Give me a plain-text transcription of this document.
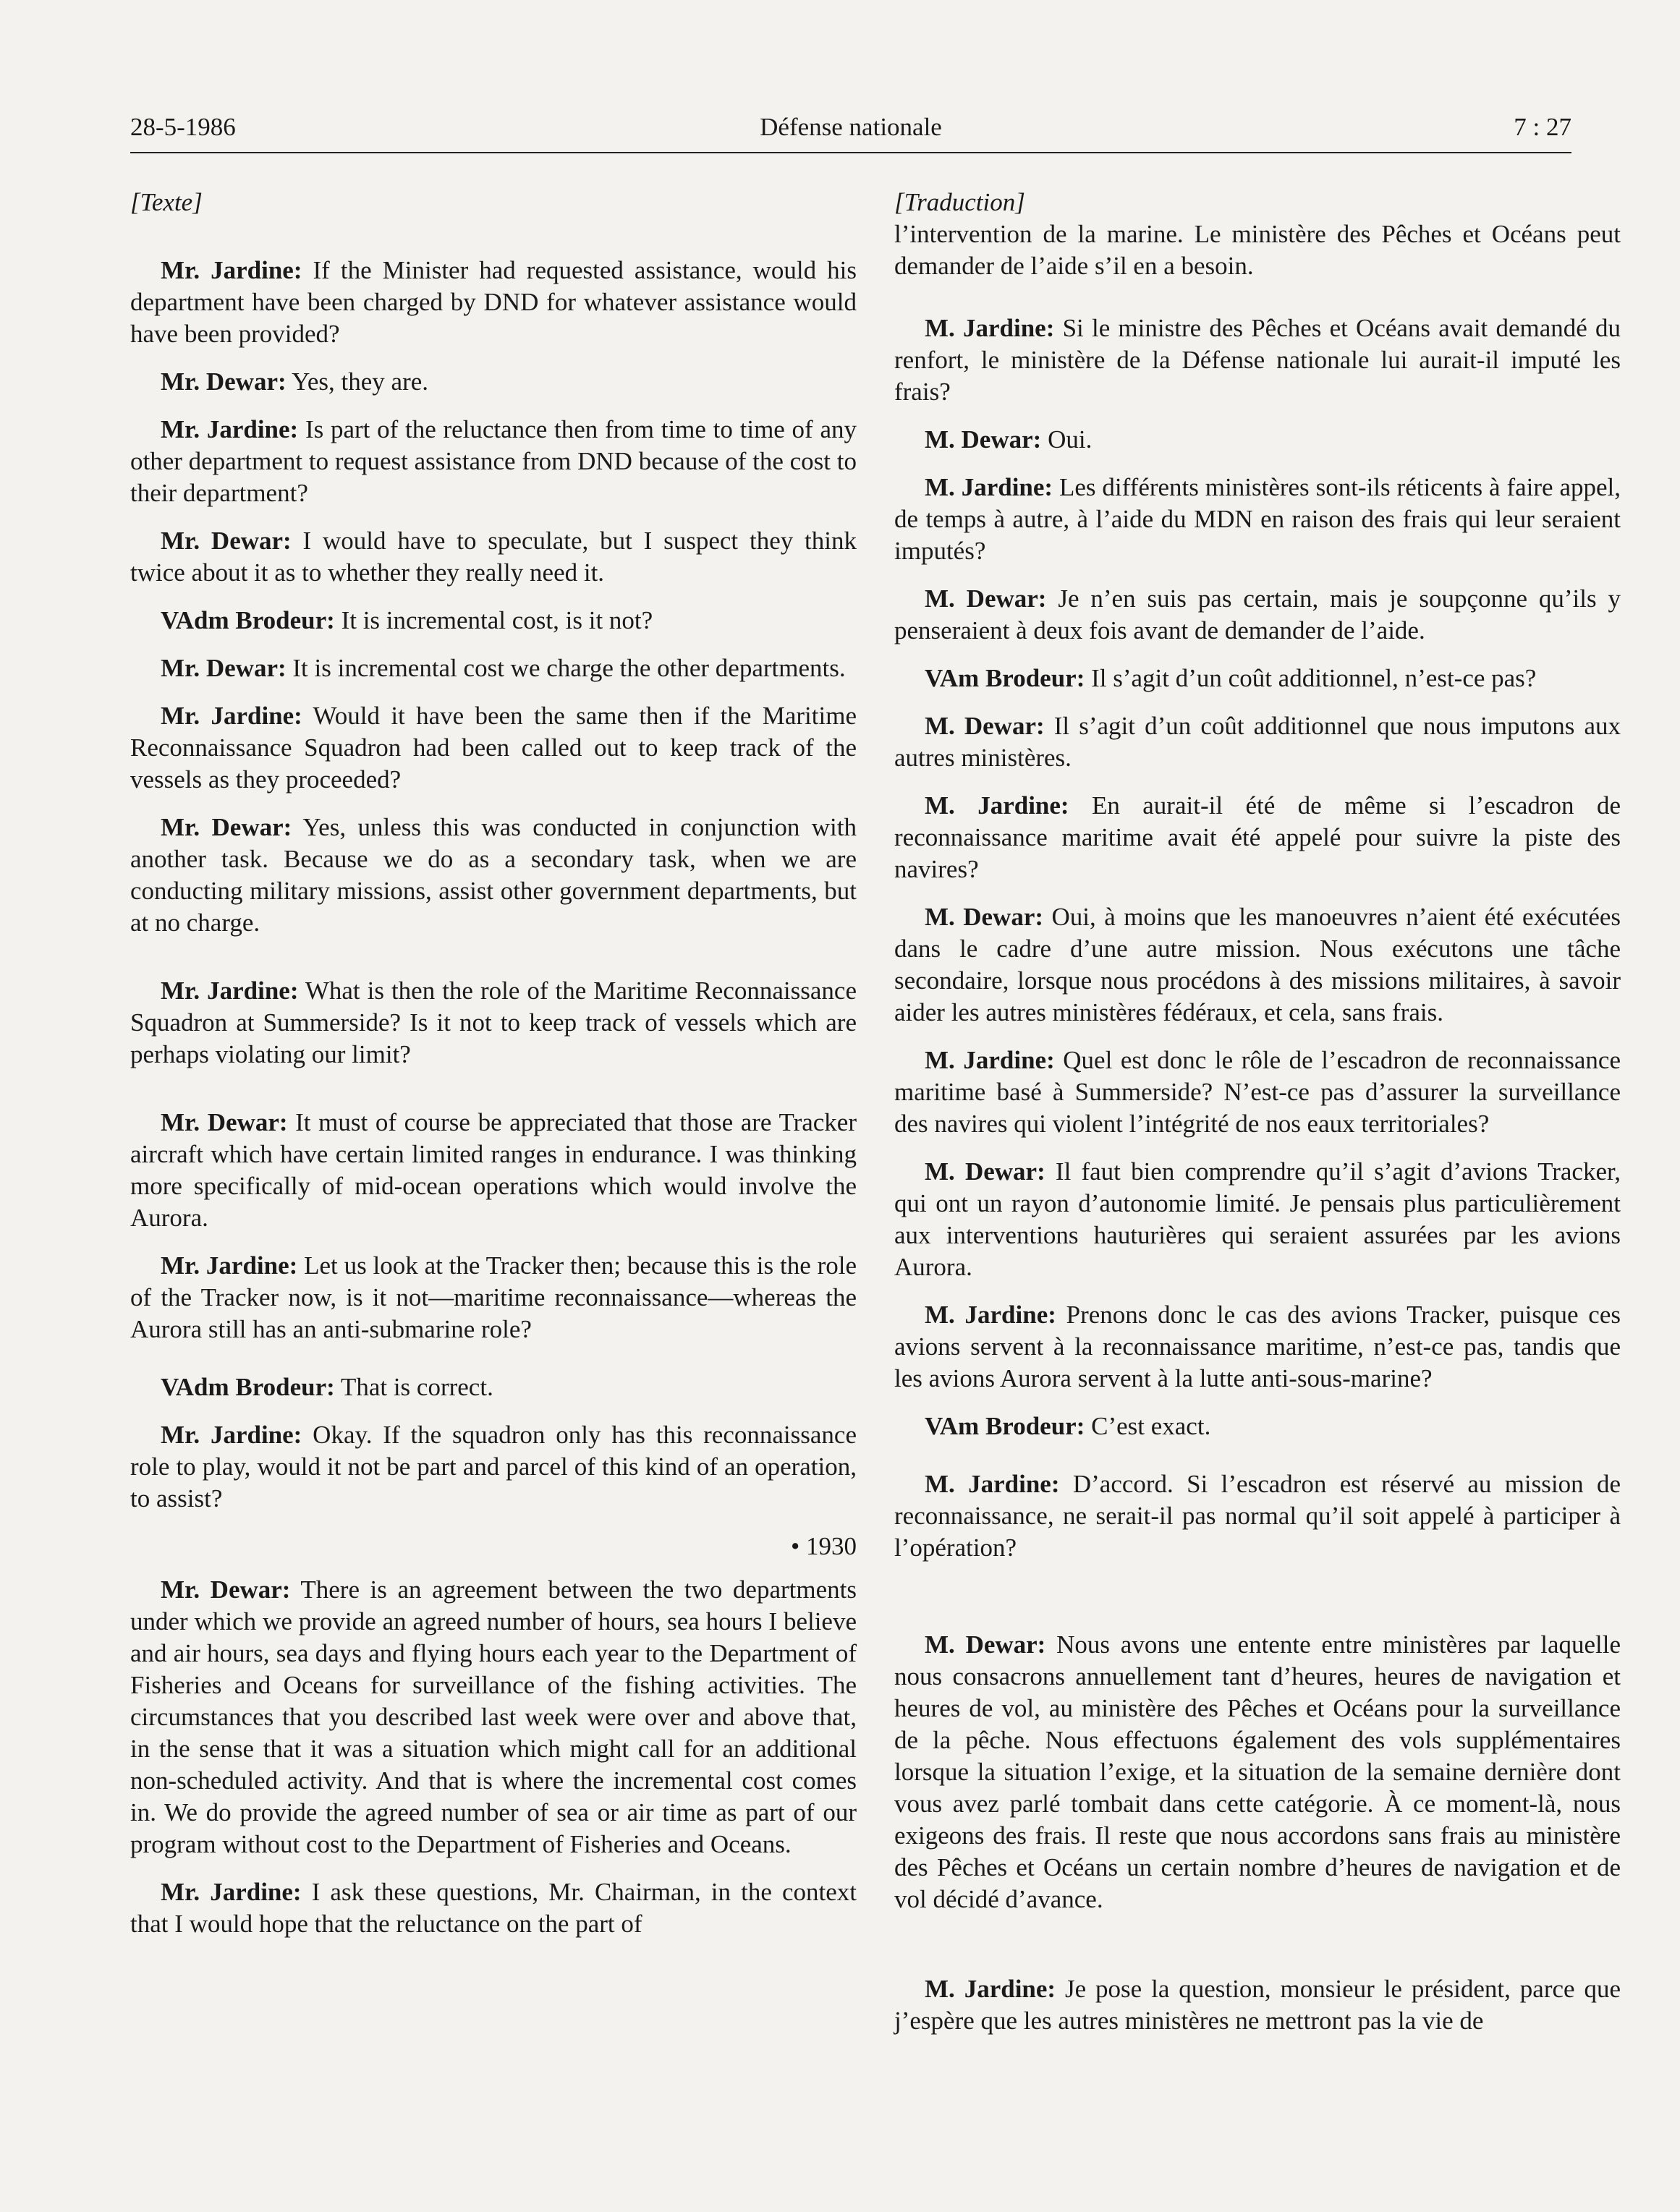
28-5-1986	Défense nationale	7 : 27

[Texte]

Mr. Jardine: If the Minister had requested assistance, would his department have been charged by DND for whatever assistance would have been provided?

Mr. Dewar: Yes, they are.

Mr. Jardine: Is part of the reluctance then from time to time of any other department to request assistance from DND because of the cost to their department?

Mr. Dewar: I would have to speculate, but I suspect they think twice about it as to whether they really need it.

VAdm Brodeur: It is incremental cost, is it not?

Mr. Dewar: It is incremental cost we charge the other departments.

Mr. Jardine: Would it have been the same then if the Maritime Reconnaissance Squadron had been called out to keep track of the vessels as they proceeded?

Mr. Dewar: Yes, unless this was conducted in conjunction with another task. Because we do as a secondary task, when we are conducting military missions, assist other government departments, but at no charge.

Mr. Jardine: What is then the role of the Maritime Reconnaissance Squadron at Summerside? Is it not to keep track of vessels which are perhaps violating our limit?

Mr. Dewar: It must of course be appreciated that those are Tracker aircraft which have certain limited ranges in endurance. I was thinking more specifically of mid-ocean operations which would involve the Aurora.

Mr. Jardine: Let us look at the Tracker then; because this is the role of the Tracker now, is it not—maritime reconnaissance—whereas the Aurora still has an anti-submarine role?

VAdm Brodeur: That is correct.

Mr. Jardine: Okay. If the squadron only has this reconnaissance role to play, would it not be part and parcel of this kind of an operation, to assist?

• 1930

Mr. Dewar: There is an agreement between the two departments under which we provide an agreed number of hours, sea hours I believe and air hours, sea days and flying hours each year to the Department of Fisheries and Oceans for surveillance of the fishing activities. The circumstances that you described last week were over and above that, in the sense that it was a situation which might call for an additional non-scheduled activity. And that is where the incremental cost comes in. We do provide the agreed number of sea or air time as part of our program without cost to the Department of Fisheries and Oceans.

Mr. Jardine: I ask these questions, Mr. Chairman, in the context that I would hope that the reluctance on the part of

[Traduction]

l’intervention de la marine. Le ministère des Pêches et Océans peut demander de l’aide s’il en a besoin.

M. Jardine: Si le ministre des Pêches et Océans avait demandé du renfort, le ministère de la Défense nationale lui aurait-il imputé les frais?

M. Dewar: Oui.

M. Jardine: Les différents ministères sont-ils réticents à faire appel, de temps à autre, à l’aide du MDN en raison des frais qui leur seraient imputés?

M. Dewar: Je n’en suis pas certain, mais je soupçonne qu’ils y penseraient à deux fois avant de demander de l’aide.

VAm Brodeur: Il s’agit d’un coût additionnel, n’est-ce pas?

M. Dewar: Il s’agit d’un coût additionnel que nous imputons aux autres ministères.

M. Jardine: En aurait-il été de même si l’escadron de reconnaissance maritime avait été appelé pour suivre la piste des navires?

M. Dewar: Oui, à moins que les manoeuvres n’aient été exécutées dans le cadre d’une autre mission. Nous exécutons une tâche secondaire, lorsque nous procédons à des missions militaires, à savoir aider les autres ministères fédéraux, et cela, sans frais.

M. Jardine: Quel est donc le rôle de l’escadron de reconnaissance maritime basé à Summerside? N’est-ce pas d’assurer la surveillance des navires qui violent l’intégrité de nos eaux territoriales?

M. Dewar: Il faut bien comprendre qu’il s’agit d’avions Tracker, qui ont un rayon d’autonomie limité. Je pensais plus particulièrement aux interventions hauturières qui seraient assurées par les avions Aurora.

M. Jardine: Prenons donc le cas des avions Tracker, puisque ces avions servent à la reconnaissance maritime, n’est-ce pas, tandis que les avions Aurora servent à la lutte anti-sous-marine?

VAm Brodeur: C’est exact.

M. Jardine: D’accord. Si l’escadron est réservé au mission de reconnaissance, ne serait-il pas normal qu’il soit appelé à participer à l’opération?

M. Dewar: Nous avons une entente entre ministères par laquelle nous consacrons annuellement tant d’heures, heures de navigation et heures de vol, au ministère des Pêches et Océans pour la surveillance de la pêche. Nous effectuons également des vols supplémentaires lorsque la situation l’exige, et la situation de la semaine dernière dont vous avez parlé tombait dans cette catégorie. À ce moment-là, nous exigeons des frais. Il reste que nous accordons sans frais au ministère des Pêches et Océans un certain nombre d’heures de navigation et de vol décidé d’avance.

M. Jardine: Je pose la question, monsieur le président, parce que j’espère que les autres ministères ne mettront pas la vie de
